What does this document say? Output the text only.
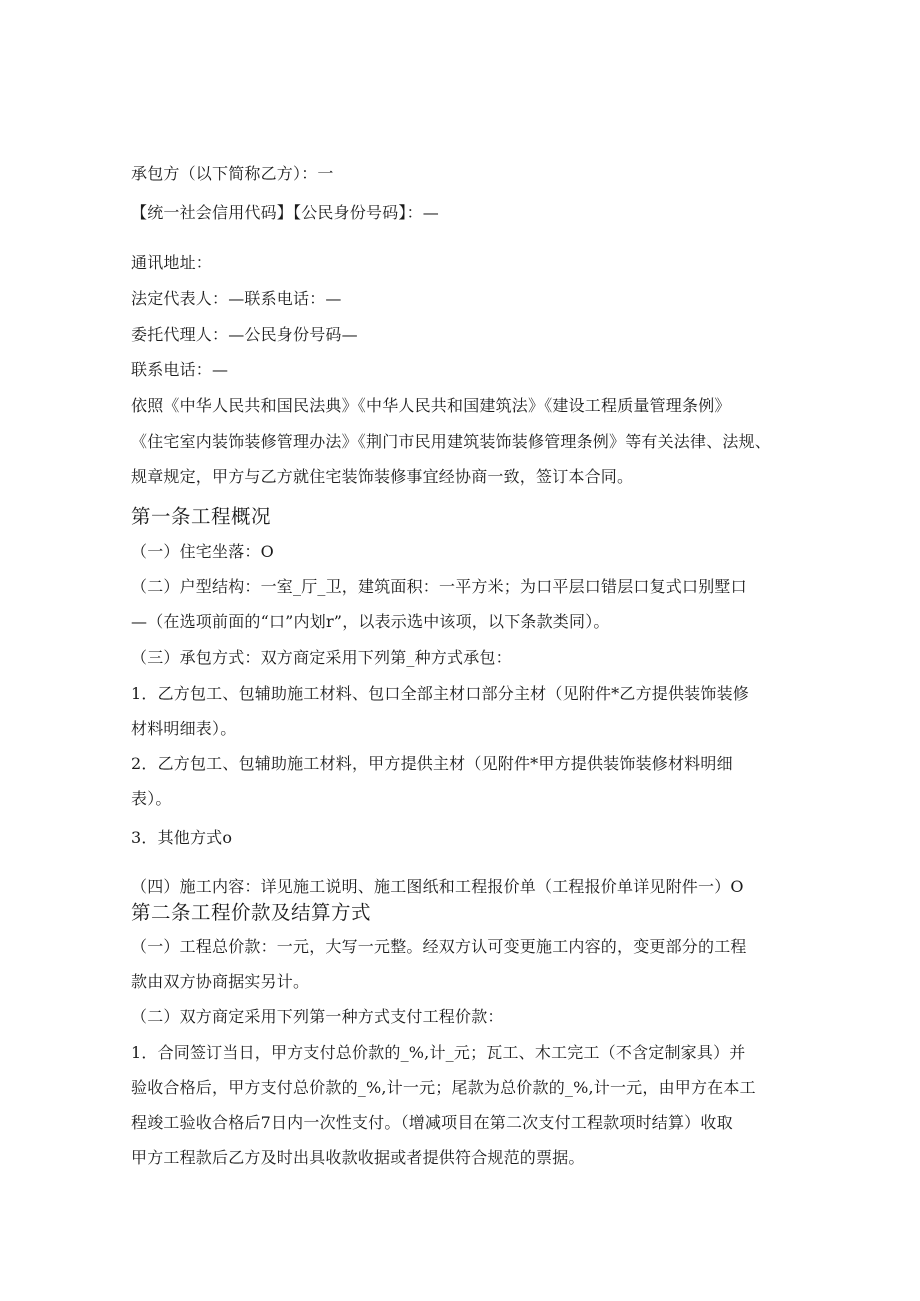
承包方（以下简称乙方）：一
【统一社会信用代码】【公民身份号码】：—
通讯地址：
法定代表人：—联系电话：—
委托代理人：—公民身份号码—
联系电话：—
依照《中华人民共和国民法典》《中华人民共和国建筑法》《建设工程质量管理条例》
《住宅室内装饰装修管理办法》《荆门市民用建筑装饰装修管理条例》等有关法律、法规、
规章规定，甲方与乙方就住宅装饰装修事宜经协商一致，签订本合同。
第一条工程概况
（一）住宅坐落：O
（二）户型结构：一室_厅_卫，建筑面积：一平方米；为口平层口错层口复式口别墅口
—（在选项前面的“口”内划r”，以表示选中该项，以下条款类同）。
（三）承包方式：双方商定采用下列第_种方式承包：
1．乙方包工、包辅助施工材料、包口全部主材口部分主材（见附件*乙方提供装饰装修
材料明细表）。
2．乙方包工、包辅助施工材料，甲方提供主材（见附件*甲方提供装饰装修材料明细
表）。
3．其他方式o
（四）施工内容：详见施工说明、施工图纸和工程报价单（工程报价单详见附件一）O
第二条工程价款及结算方式
（一）工程总价款：一元，大写一元整。经双方认可变更施工内容的，变更部分的工程
款由双方协商据实另计。
（二）双方商定采用下列第一种方式支付工程价款：
1．合同签订当日，甲方支付总价款的_%,计_元；瓦工、木工完工（不含定制家具）并
验收合格后，甲方支付总价款的_%,计一元；尾款为总价款的_%,计一元，由甲方在本工
程竣工验收合格后7日内一次性支付。（增减项目在第二次支付工程款项时结算）收取
甲方工程款后乙方及时出具收款收据或者提供符合规范的票据。
